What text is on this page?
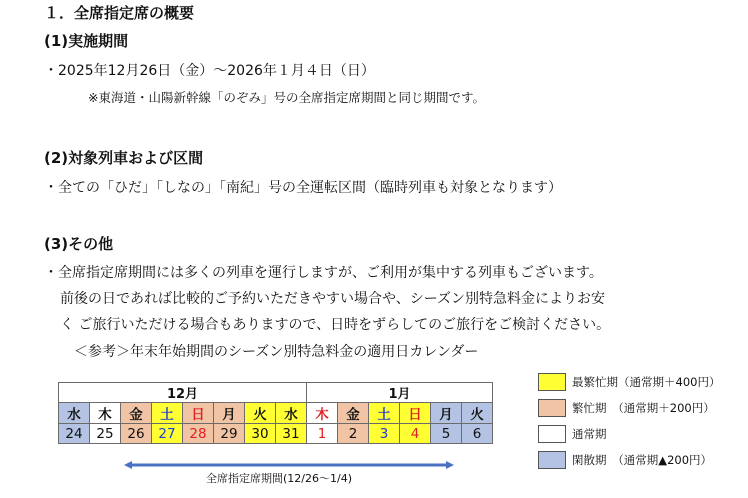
１．全席指定席の概要
(1)実施期間
・2025年12月26日（金）～2026年１月４日（日）
※東海道・山陽新幹線「のぞみ」号の全席指定席期間と同じ期間です。
(2)対象列車および区間
・全ての「ひだ」「しなの」「南紀」号の全運転区間（臨時列車も対象となります）
(3)その他
・全席指定席期間には多くの列車を運行しますが、ご利用が集中する列車もございます。
前後の日であれば比較的ご予約いただきやすい場合や、シーズン別特急料金によりお安
く ご旅行いただける場合もありますので、日時をずらしてのご旅行をご検討ください。
＜参考＞年末年始期間のシーズン別特急料金の適用日カレンダー
12月								1月					
水	木	金	土	日	月	火	水	木	金	土	日	月	火
24	25	26	27	28	29	30	31	1	2	3	4	5	6
最繁忙期（通常期＋400円）
繁忙期　（通常期＋200円）
通常期
閑散期　（通常期▲200円）
全席指定席期間(12/26～1/4)
